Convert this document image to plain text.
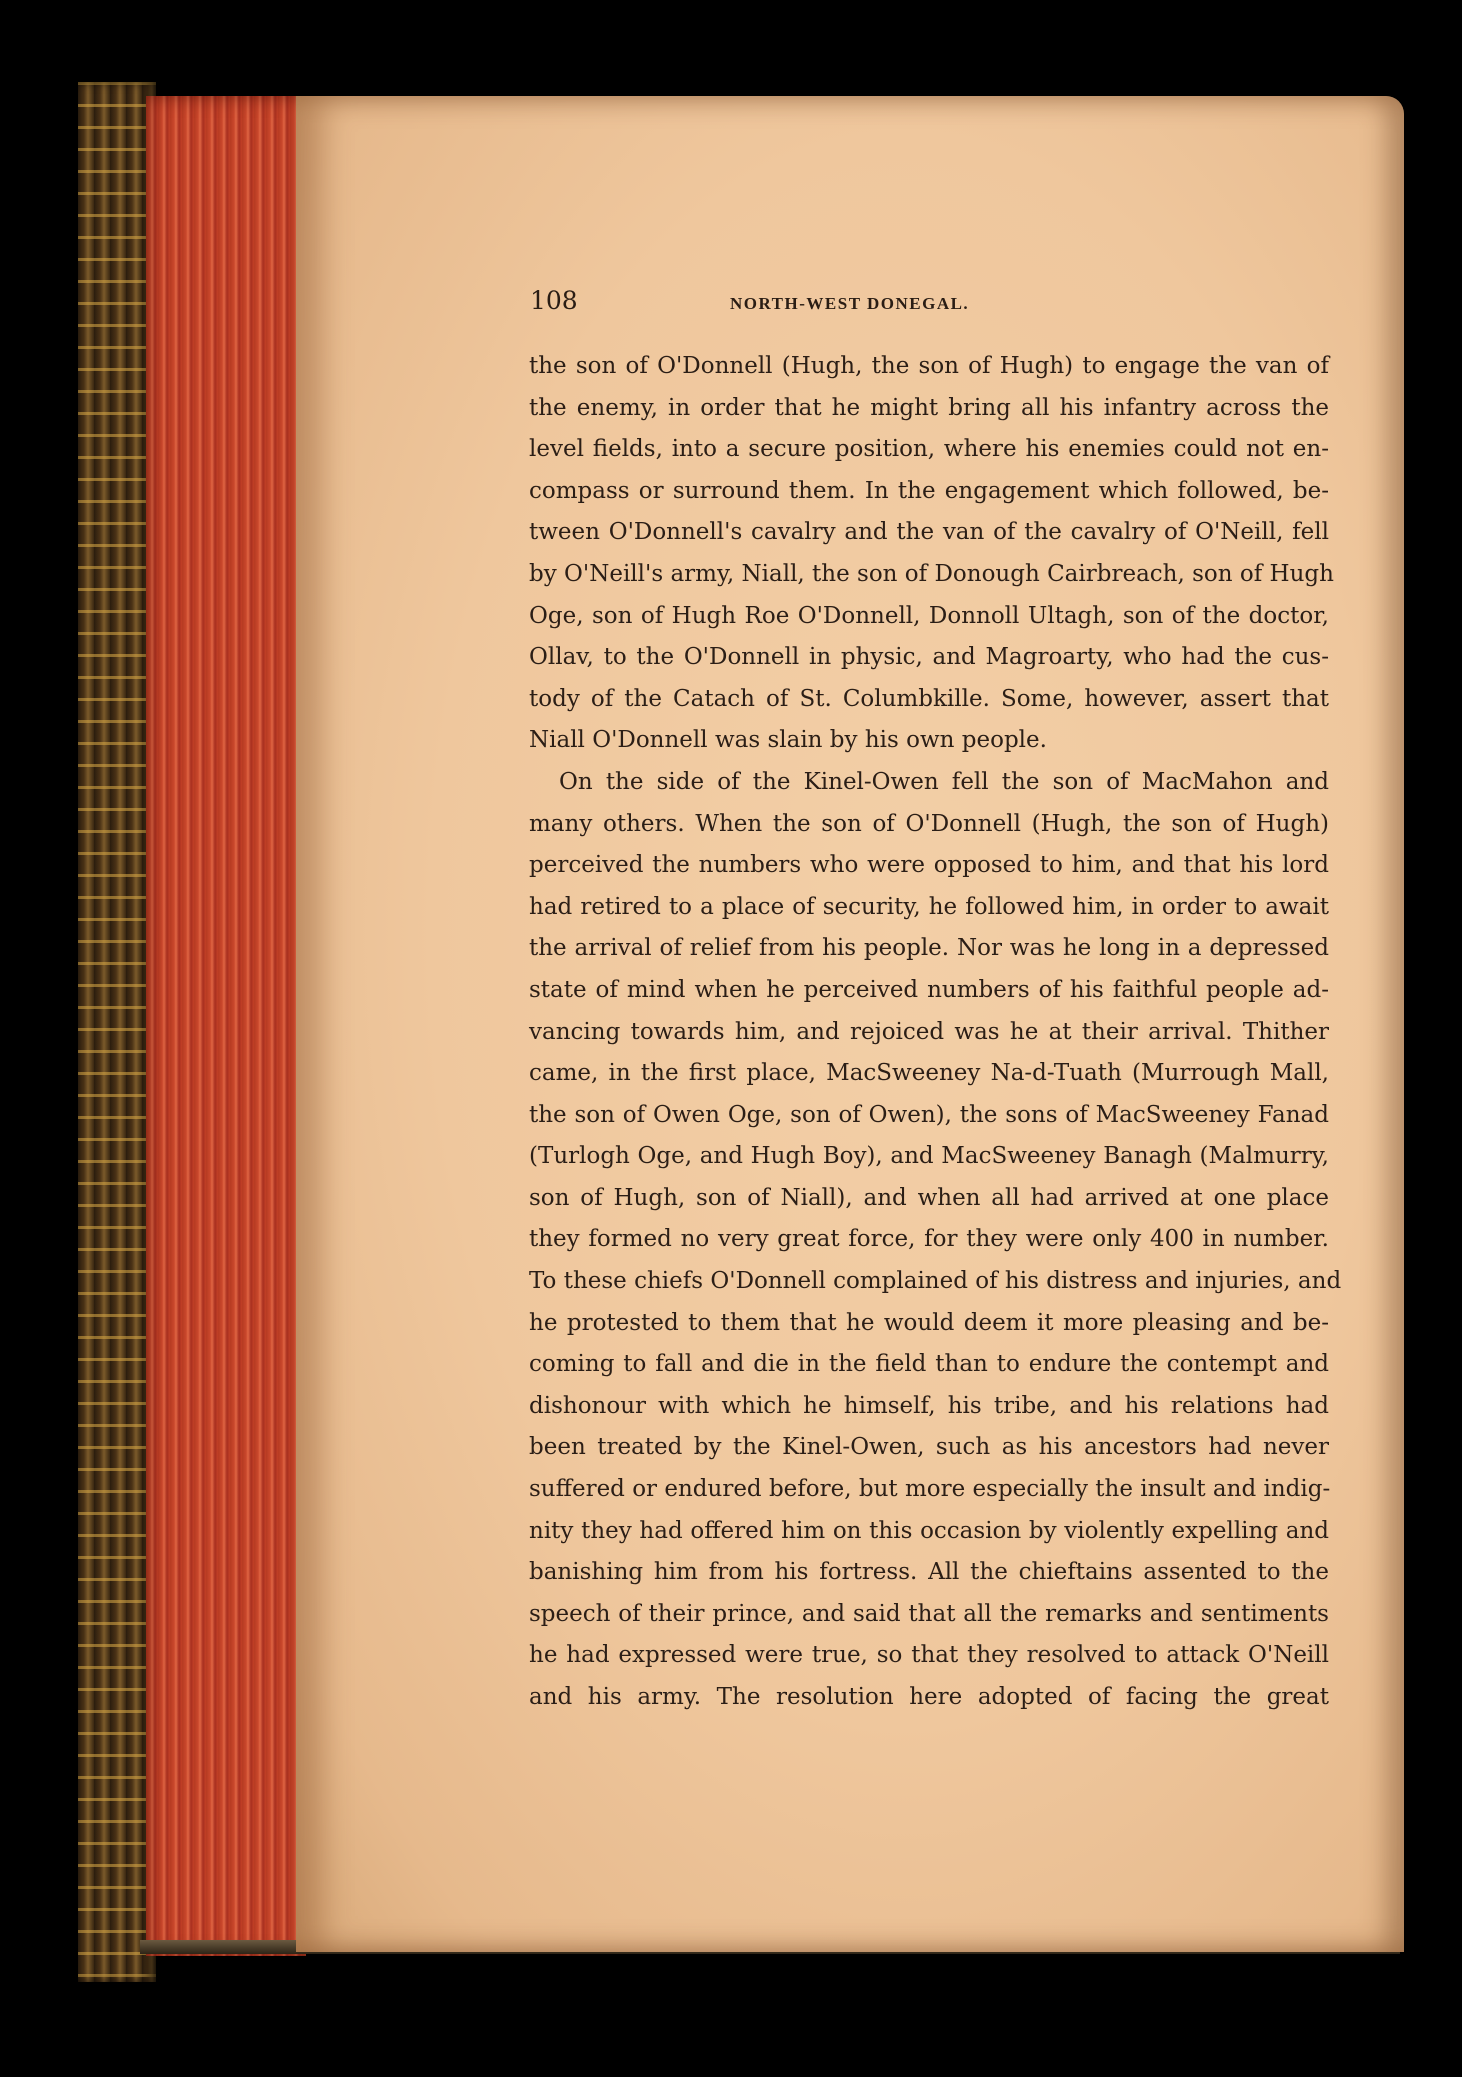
108	NORTH-WEST DONEGAL.
the son of O'Donnell (Hugh, the son of Hugh) to engage the van of
the enemy, in order that he might bring all his infantry across the
level fields, into a secure position, where his enemies could not en-
compass or surround them. In the engagement which followed, be-
tween O'Donnell's cavalry and the van of the cavalry of O'Neill, fell
by O'Neill's army, Niall, the son of Donough Cairbreach, son of Hugh
Oge, son of Hugh Roe O'Donnell, Donnoll Ultagh, son of the doctor,
Ollav, to the O'Donnell in physic, and Magroarty, who had the cus-
tody of the Catach of St. Columbkille. Some, however, assert that
Niall O'Donnell was slain by his own people.
On the side of the Kinel-Owen fell the son of MacMahon and
many others. When the son of O'Donnell (Hugh, the son of Hugh)
perceived the numbers who were opposed to him, and that his lord
had retired to a place of security, he followed him, in order to await
the arrival of relief from his people. Nor was he long in a depressed
state of mind when he perceived numbers of his faithful people ad-
vancing towards him, and rejoiced was he at their arrival. Thither
came, in the first place, MacSweeney Na-d-Tuath (Murrough Mall,
the son of Owen Oge, son of Owen), the sons of MacSweeney Fanad
(Turlogh Oge, and Hugh Boy), and MacSweeney Banagh (Malmurry,
son of Hugh, son of Niall), and when all had arrived at one place
they formed no very great force, for they were only 400 in number.
To these chiefs O'Donnell complained of his distress and injuries, and
he protested to them that he would deem it more pleasing and be-
coming to fall and die in the field than to endure the contempt and
dishonour with which he himself, his tribe, and his relations had
been treated by the Kinel-Owen, such as his ancestors had never
suffered or endured before, but more especially the insult and indig-
nity they had offered him on this occasion by violently expelling and
banishing him from his fortress. All the chieftains assented to the
speech of their prince, and said that all the remarks and sentiments
he had expressed were true, so that they resolved to attack O'Neill
and his army. The resolution here adopted of facing the great
